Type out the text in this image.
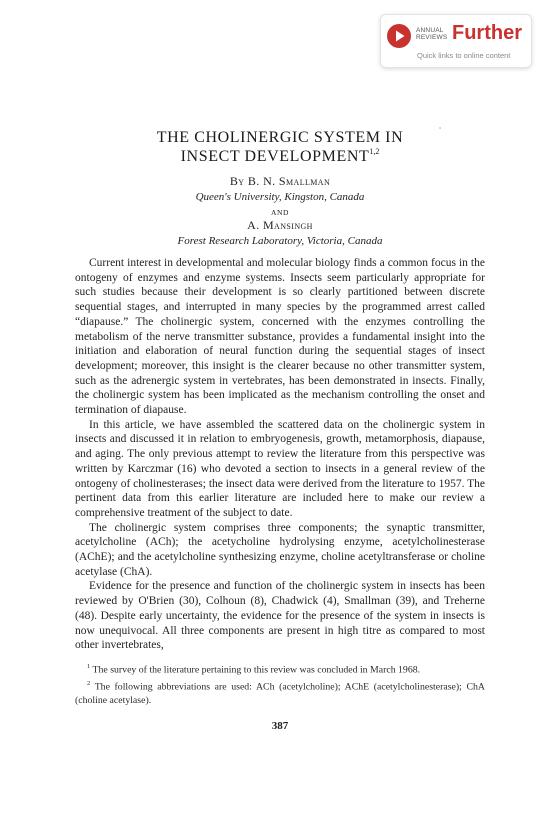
ANNUAL
REVIEWS Further
Quick links to online content
°
THE CHOLINERGIC SYSTEM IN
INSECT DEVELOPMENT$^{1,2}$
By B. N. Smallman
Queen's University, Kingston, Canada
AND
A. Mansingh
Forest Research Laboratory, Victoria, Canada

Current interest in developmental and molecular biology finds a common focus in the ontogeny of enzymes and enzyme systems. Insects seem particularly appropriate for such studies because their development is so clearly partitioned between discrete sequential stages, and interrupted in many species by the programmed arrest called “diapause.” The cholinergic system, concerned with the enzymes controlling the metabolism of the nerve transmitter substance, provides a fundamental insight into the initiation and elaboration of neural function during the sequential stages of insect development; moreover, this insight is the clearer because no other transmitter system, such as the adrenergic system in vertebrates, has been demonstrated in insects. Finally, the cholinergic system has been implicated as the mechanism controlling the onset and termination of diapause.

In this article, we have assembled the scattered data on the cholinergic system in insects and discussed it in relation to embryogenesis, growth, metamorphosis, diapause, and aging. The only previous attempt to review the literature from this perspective was written by Karczmar (16) who devoted a section to insects in a general review of the ontogeny of cholinesterases; the insect data were derived from the literature to 1957. The pertinent data from this earlier literature are included here to make our review a comprehensive treatment of the subject to date.

The cholinergic system comprises three components; the synaptic transmitter, acetylcholine (ACh); the acetycholine hydrolysing enzyme, acetylcholinesterase (AChE); and the acetylcholine synthesizing enzyme, choline acetyltransferase or choline acetylase (ChA).

Evidence for the presence and function of the cholinergic system in insects has been reviewed by O'Brien (30), Colhoun (8), Chadwick (4), Smallman (39), and Treherne (48). Despite early uncertainty, the evidence for the presence of the system in insects is now unequivocal. All three components are present in high titre as compared to most other invertebrates,

$^1$ The survey of the literature pertaining to this review was concluded in March 1968.

$^2$ The following abbreviations are used: ACh (acetylcholine); AChE (acetylcholinesterase); ChA (choline acetylase).

387
